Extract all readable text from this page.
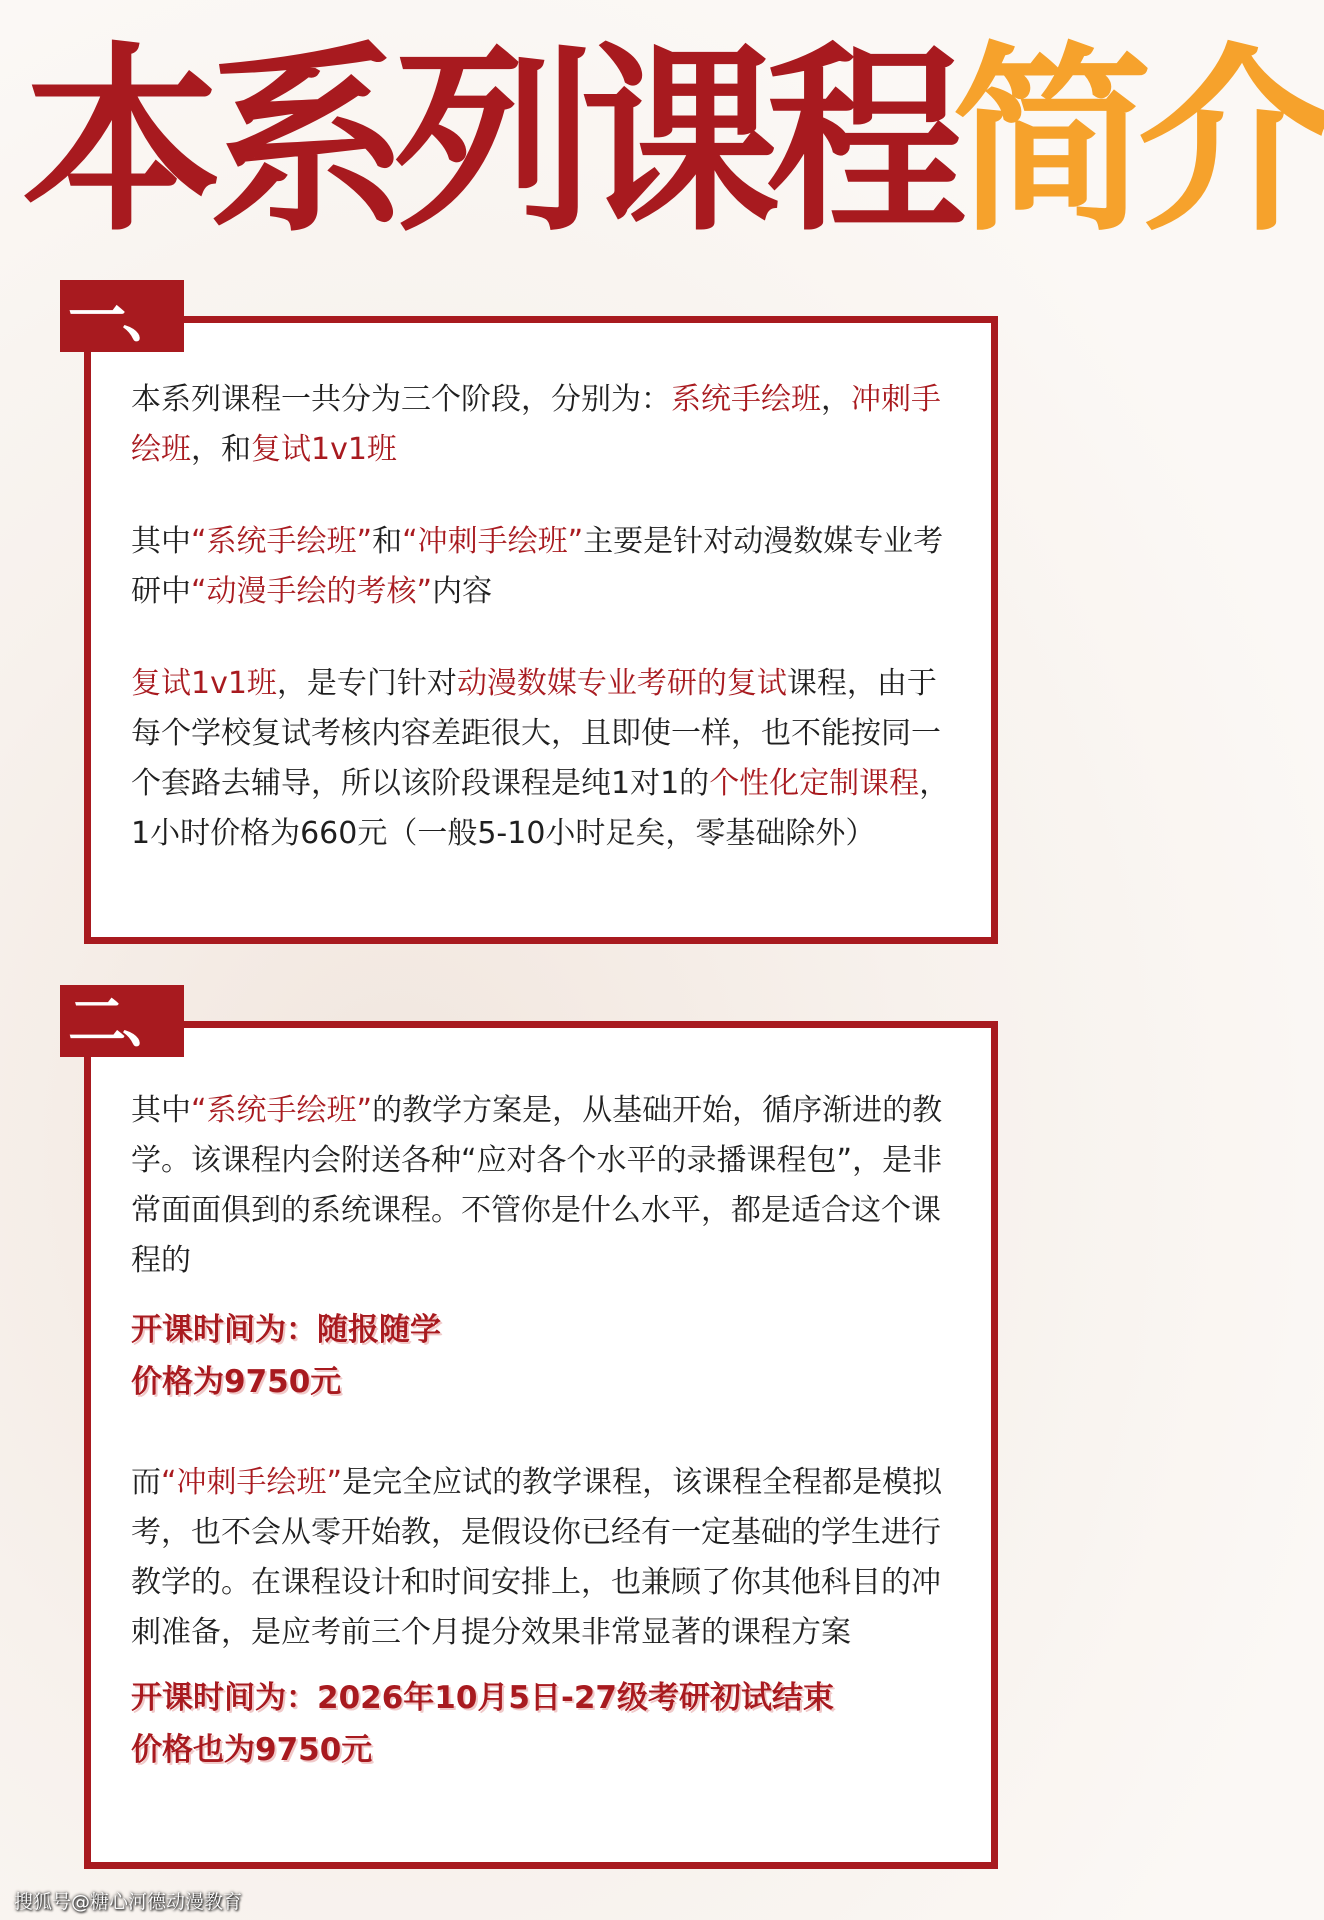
本系列课程 简介

本系列课程一共分为三个阶段，分别为：系统手绘班，冲刺手绘班，和复试1v1班

其中“系统手绘班”和“冲刺手绘班”主要是针对动漫数媒专业考研中“动漫手绘的考核”内容

复试1v1班，是专门针对动漫数媒专业考研的复试课程，由于每个学校复试考核内容差距很大，且即使一样，也不能按同一个套路去辅导，所以该阶段课程是纯1对1的个性化定制课程，1小时价格为660元（一般5-10小时足矣，零基础除外）

一、

其中“系统手绘班”的教学方案是，从基础开始，循序渐进的教学。该课程内会附送各种“应对各个水平的录播课程包”，是非常面面俱到的系统课程。不管你是什么水平，都是适合这个课程的

开课时间为：随报随学
价格为9750元

而“冲刺手绘班”是完全应试的教学课程，该课程全程都是模拟考，也不会从零开始教，是假设你已经有一定基础的学生进行教学的。在课程设计和时间安排上，也兼顾了你其他科目的冲刺准备，是应考前三个月提分效果非常显著的课程方案

开课时间为：2026年10月5日-27级考研初试结束
价格也为9750元
二、
搜狐号@糖心河德动漫教育
